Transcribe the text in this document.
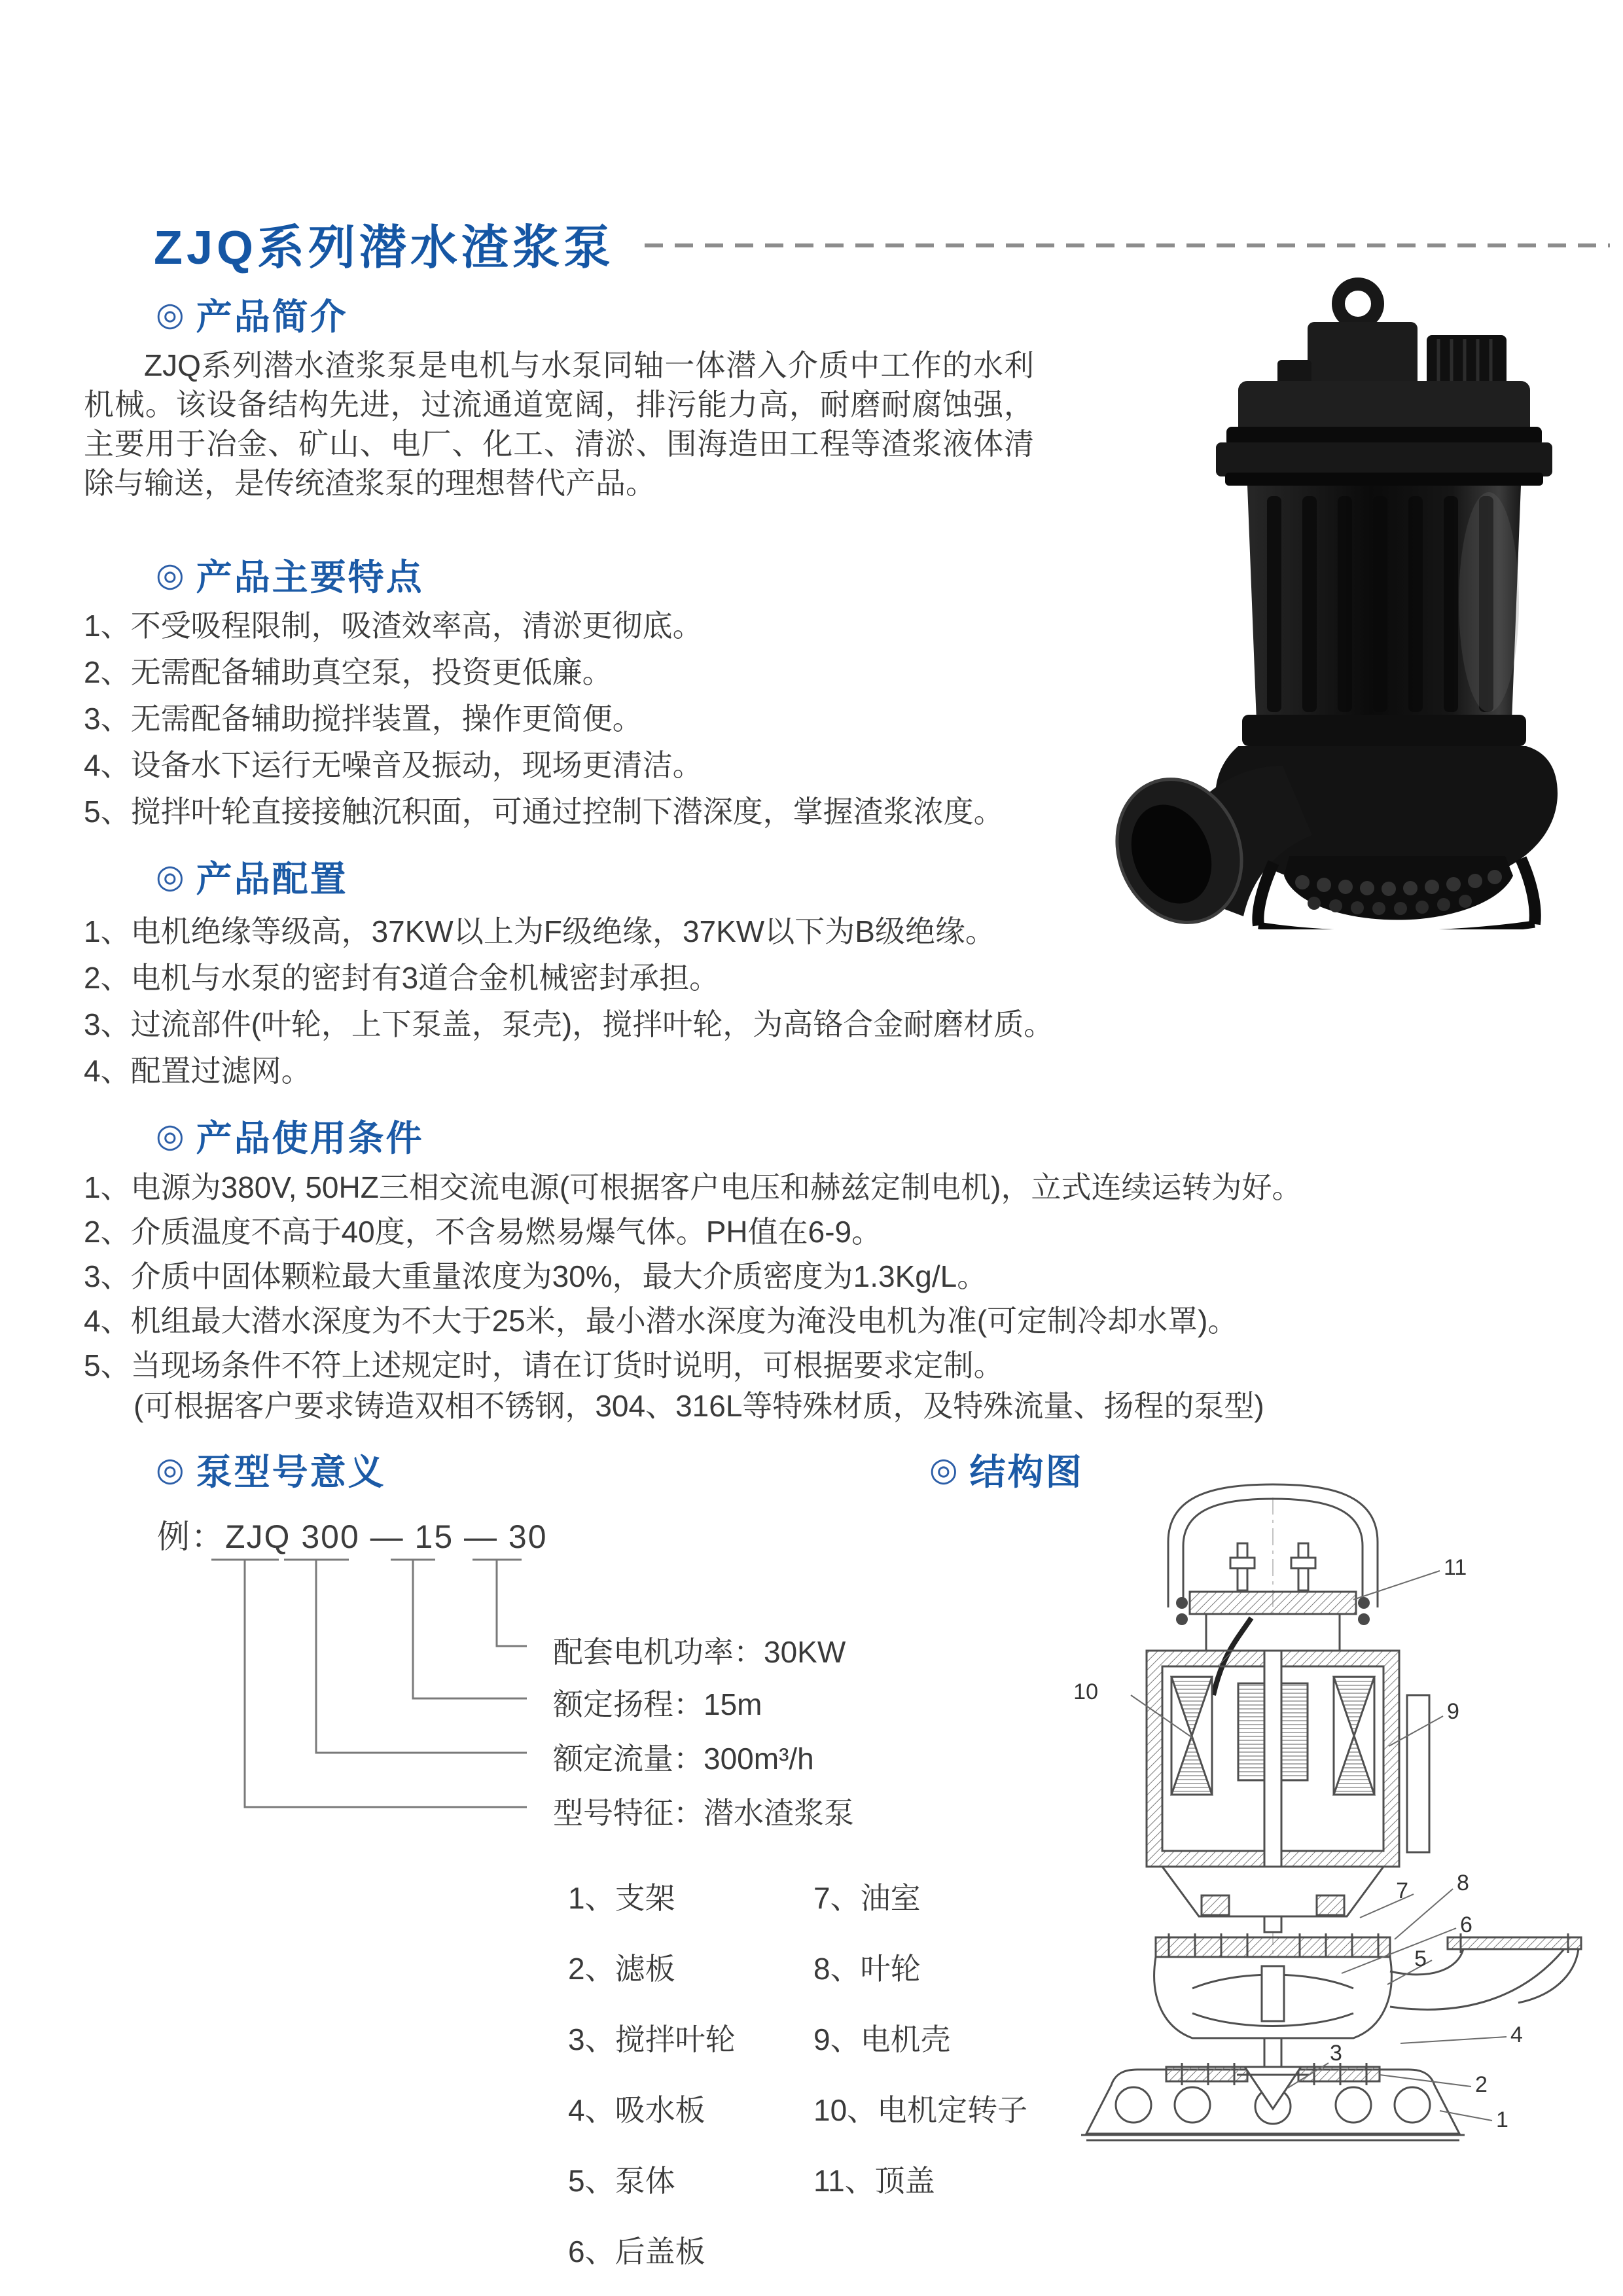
ZJQ系列潜水渣浆泵
◎ 产品简介
ZJQ系列潜水渣浆泵是电机与水泵同轴一体潜入介质中工作的水利机械。该设备结构先进，过流通道宽阔，排污能力高，耐磨耐腐蚀强，主要用于冶金、矿山、电厂、化工、清淤、围海造田工程等渣浆液体清除与输送，是传统渣浆泵的理想替代产品。
◎ 产品主要特点
1、不受吸程限制，吸渣效率高，清淤更彻底。
2、无需配备辅助真空泵，投资更低廉。
3、无需配备辅助搅拌装置，操作更简便。
4、设备水下运行无噪音及振动，现场更清洁。
5、搅拌叶轮直接接触沉积面，可通过控制下潜深度，掌握渣浆浓度。
◎ 产品配置
1、电机绝缘等级高，37KW以上为F级绝缘，37KW以下为B级绝缘。
2、电机与水泵的密封有3道合金机械密封承担。
3、过流部件(叶轮，上下泵盖，泵壳)，搅拌叶轮，为高铬合金耐磨材质。
4、配置过滤网。
◎ 产品使用条件
1、电源为380V, 50HZ三相交流电源(可根据客户电压和赫兹定制电机)，立式连续运转为好。
2、介质温度不高于40度，不含易燃易爆气体。PH值在6-9。
3、介质中固体颗粒最大重量浓度为30%，最大介质密度为1.3Kg/L。
4、机组最大潜水深度为不大于25米，最小潜水深度为淹没电机为准(可定制冷却水罩)。
5、当现场条件不符上述规定时，请在订货时说明，可根据要求定制。
(可根据客户要求铸造双相不锈钢，304、316L等特殊材质，及特殊流量、扬程的泵型)
◎ 泵型号意义	◎ 结构图
例：ZJQ 300 — 15 — 30
配套电机功率：30KW
额定扬程：15m
额定流量：300m³/h
型号特征：潜水渣浆泵
1、支架
2、滤板
3、搅拌叶轮
4、吸水板
5、泵体
6、后盖板
7、油室
8、叶轮
9、电机壳
10、电机定转子
11、顶盖
11
10
9
7 8
6
5
4
3
2
1
